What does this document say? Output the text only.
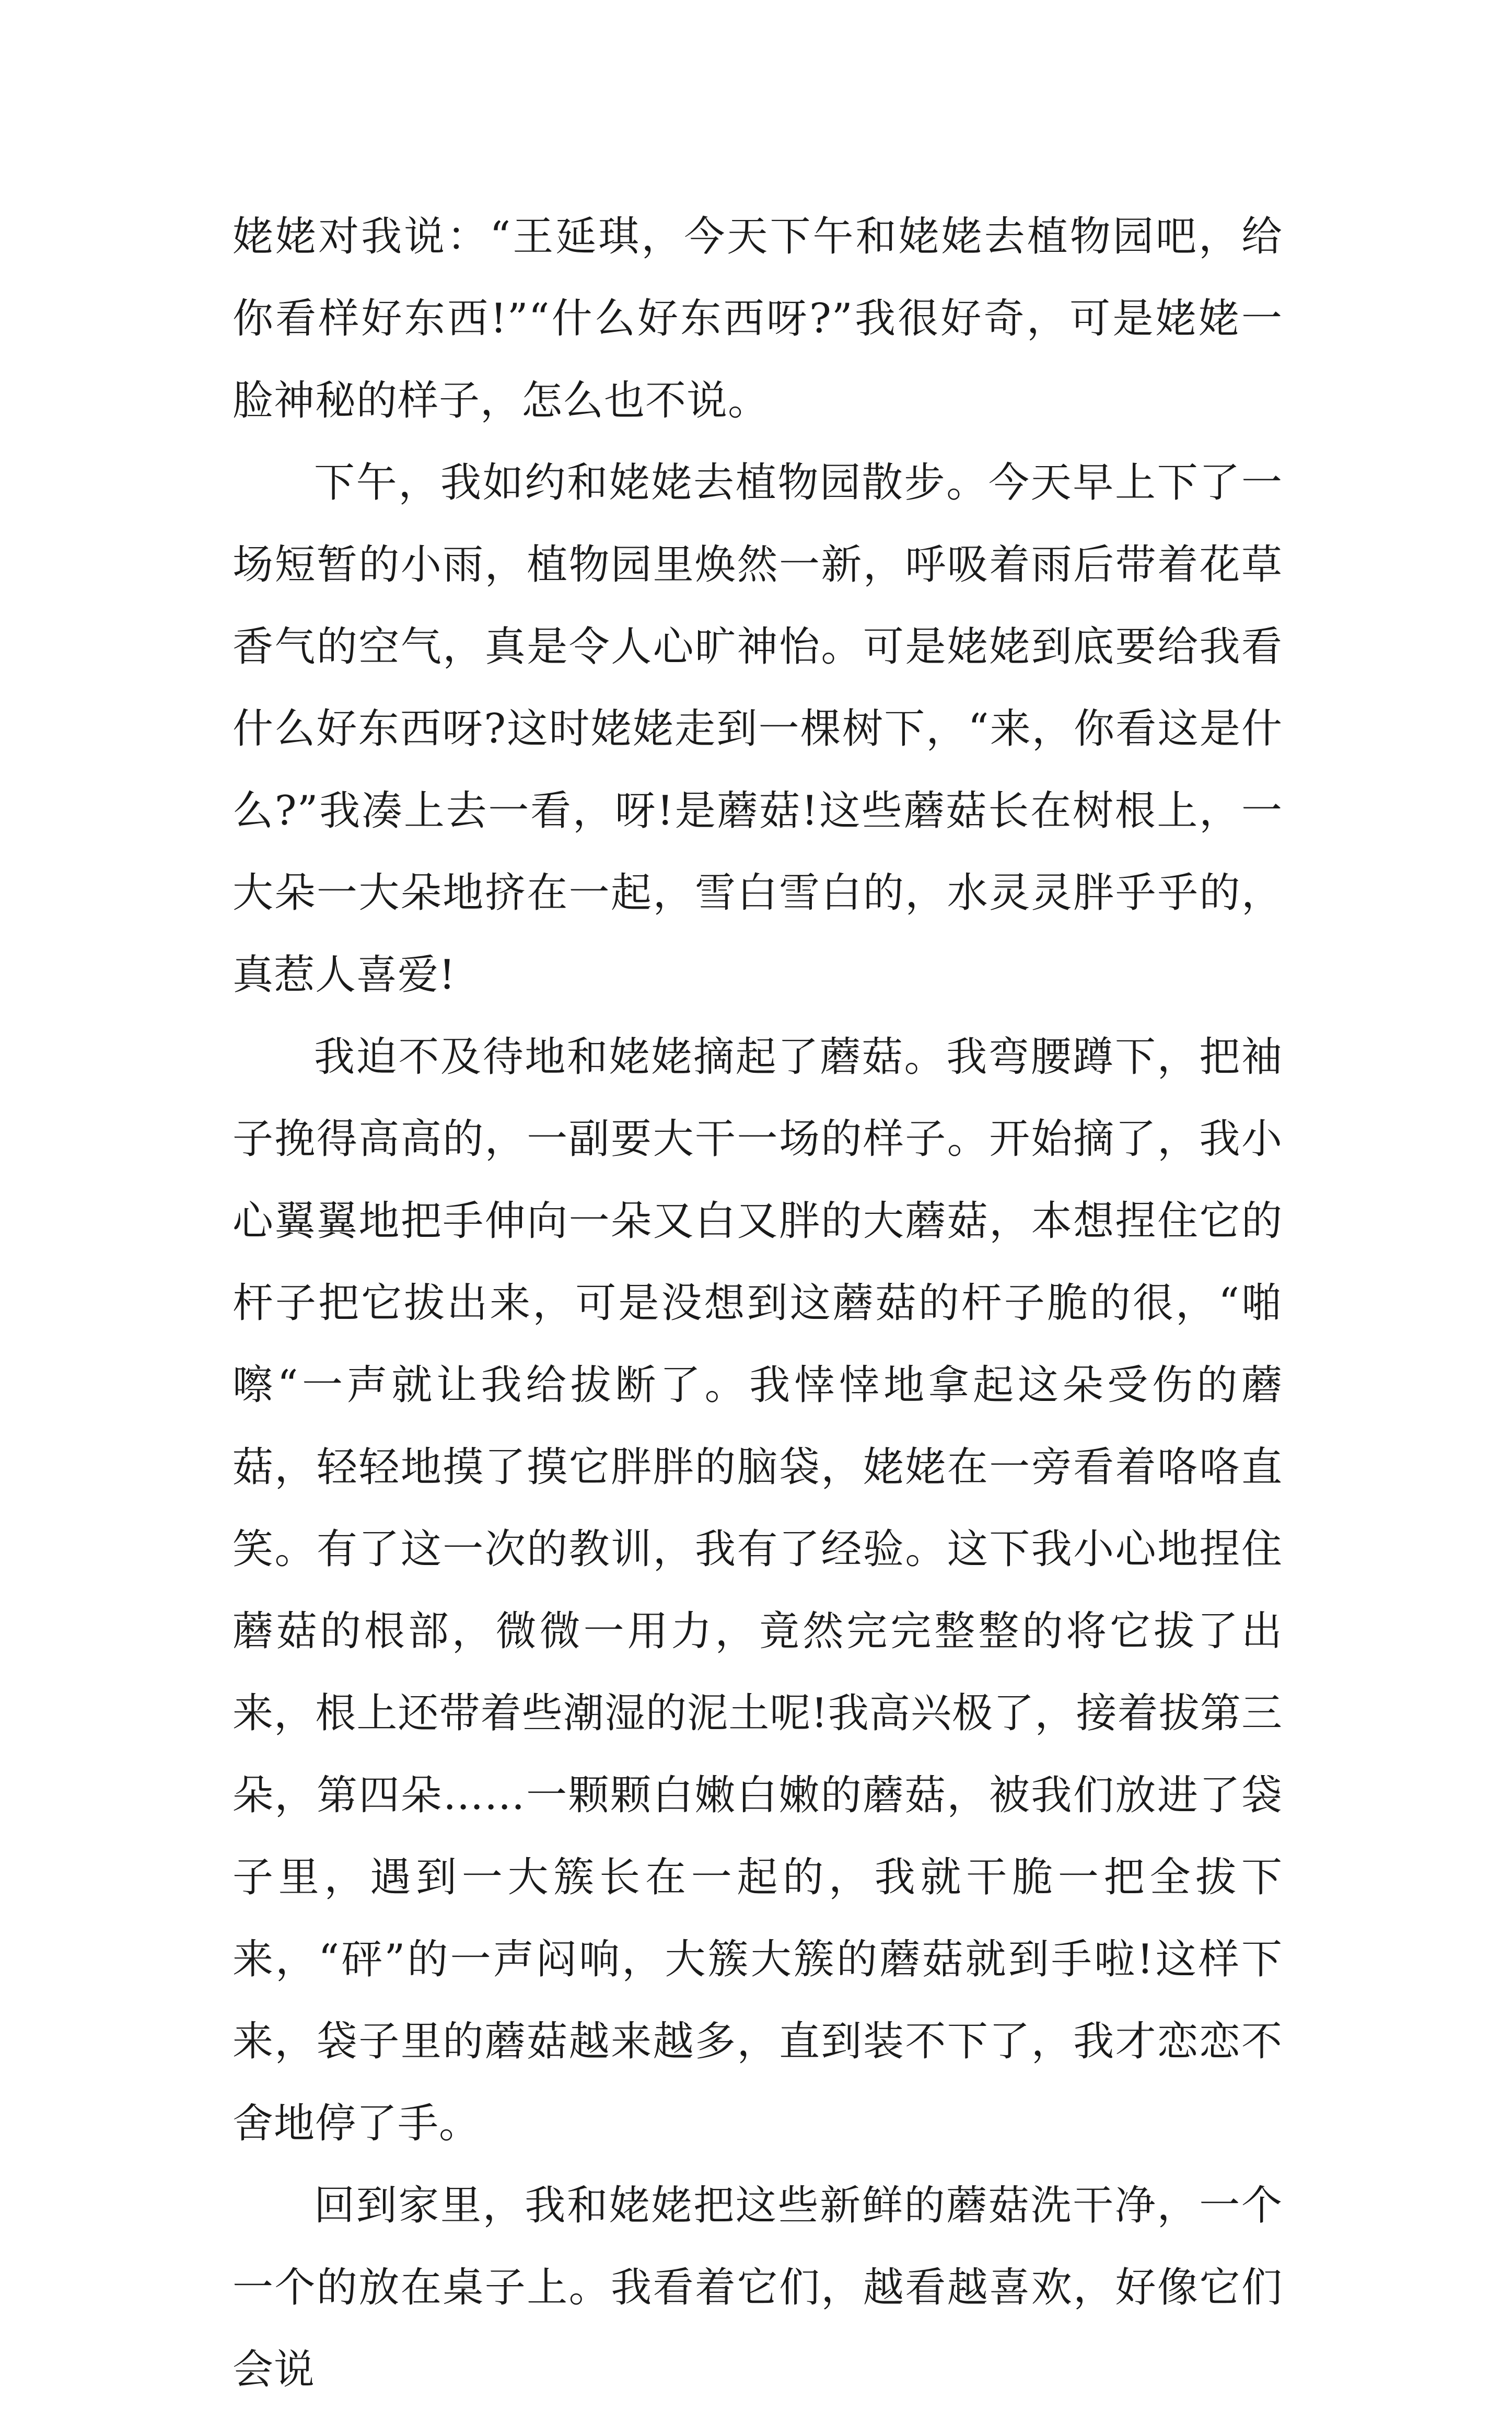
姥姥对我说：“王延琪，今天下午和姥姥去植物园吧，给你看样好东西!”“什么好东西呀?”我很好奇，可是姥姥一脸神秘的样子，怎么也不说。

下午，我如约和姥姥去植物园散步。今天早上下了一场短暂的小雨，植物园里焕然一新，呼吸着雨后带着花草香气的空气，真是令人心旷神怡。可是姥姥到底要给我看什么好东西呀?这时姥姥走到一棵树下，“来，你看这是什么?”我凑上去一看，呀!是蘑菇!这些蘑菇长在树根上，一大朵一大朵地挤在一起，雪白雪白的，水灵灵胖乎乎的，真惹人喜爱!

我迫不及待地和姥姥摘起了蘑菇。我弯腰蹲下，把袖子挽得高高的，一副要大干一场的样子。开始摘了，我小心翼翼地把手伸向一朵又白又胖的大蘑菇，本想捏住它的杆子把它拔出来，可是没想到这蘑菇的杆子脆的很，“啪嚓“一声就让我给拔断了。我悻悻地拿起这朵受伤的蘑菇，轻轻地摸了摸它胖胖的脑袋，姥姥在一旁看着咯咯直笑。有了这一次的教训，我有了经验。这下我小心地捏住蘑菇的根部，微微一用力，竟然完完整整的将它拔了出来，根上还带着些潮湿的泥土呢!我高兴极了，接着拔第三朵，第四朵……一颗颗白嫩白嫩的蘑菇，被我们放进了袋子里，遇到一大簇长在一起的，我就干脆一把全拔下来，“砰”的一声闷响，大簇大簇的蘑菇就到手啦!这样下来，袋子里的蘑菇越来越多，直到装不下了，我才恋恋不舍地停了手。

回到家里，我和姥姥把这些新鲜的蘑菇洗干净，一个一个的放在桌子上。我看着它们，越看越喜欢，好像它们会说
